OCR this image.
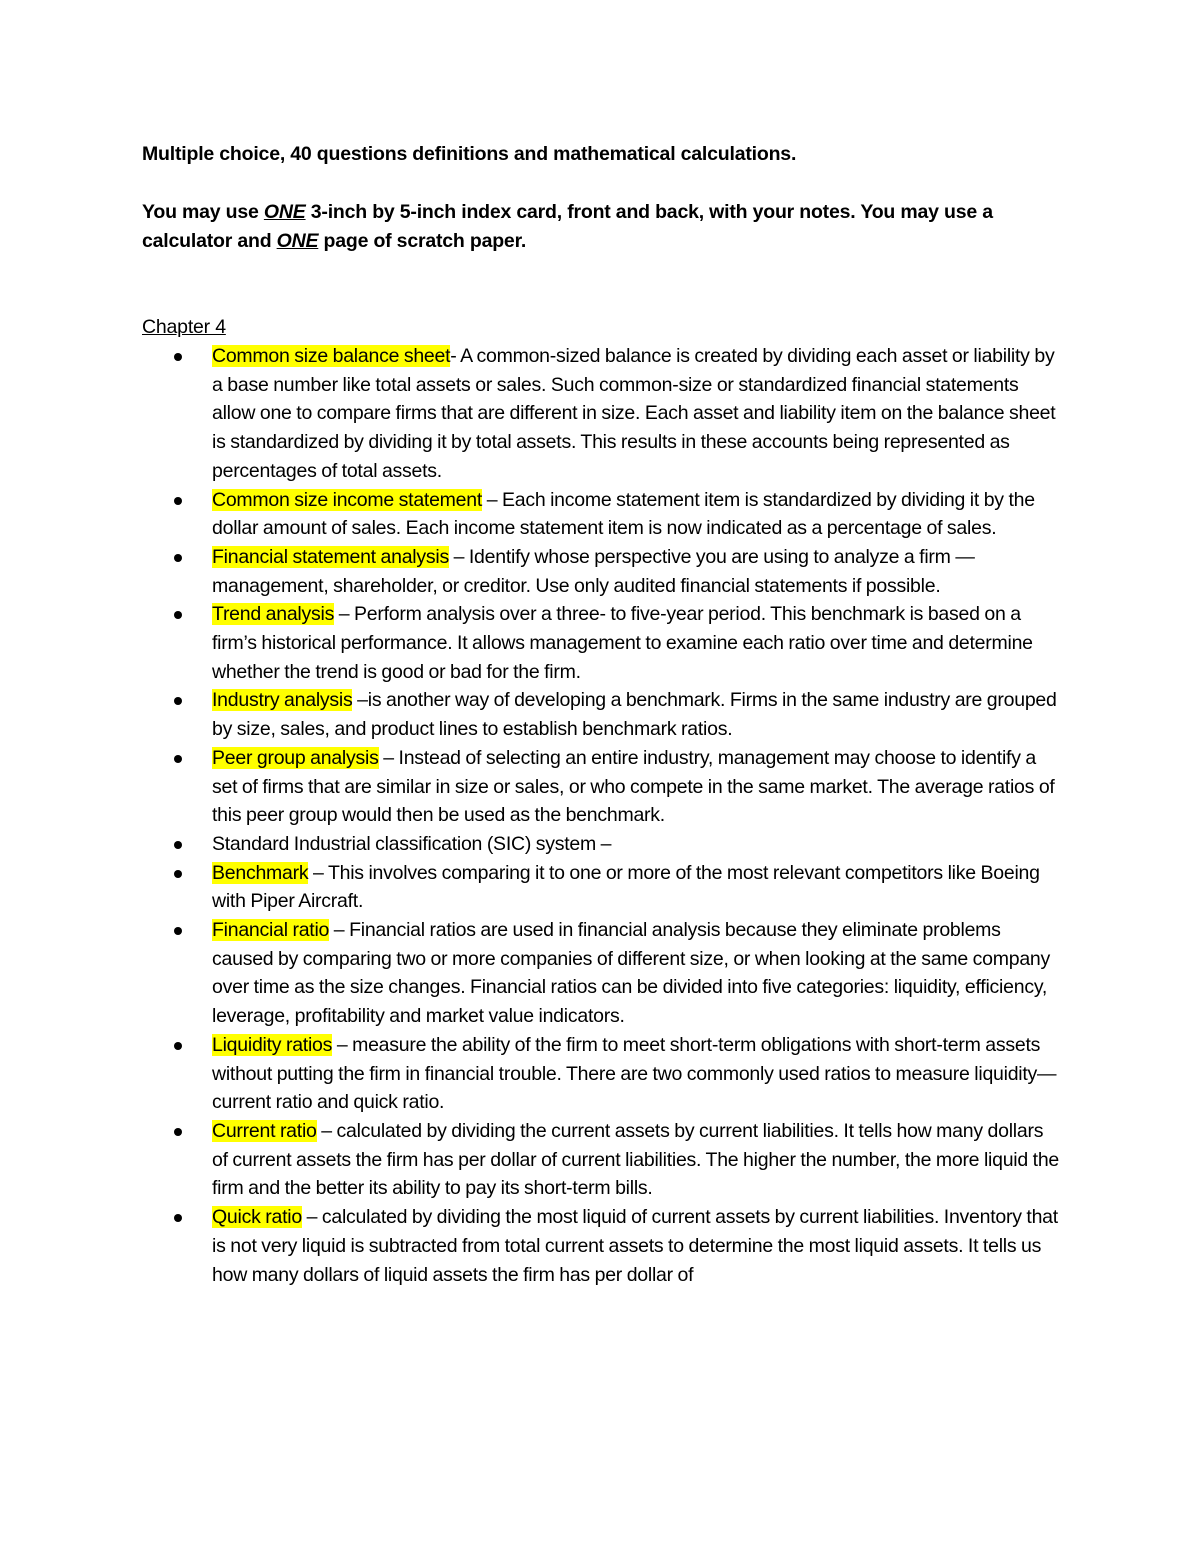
Multiple choice, 40 questions definitions and mathematical calculations.

You may use ONE 3-inch by 5-inch index card, front and back, with your notes. You may use a calculator and ONE page of scratch paper.

Chapter 4
Common size balance sheet- A common-sized balance is created by dividing each asset or liability by a base number like total assets or sales. Such common-size or standardized financial statements allow one to compare firms that are different in size. Each asset and liability item on the balance sheet is standardized by dividing it by total assets. This results in these accounts being represented as percentages of total assets.
Common size income statement – Each income statement item is standardized by dividing it by the dollar amount of sales. Each income statement item is now indicated as a percentage of sales.
Financial statement analysis – Identify whose perspective you are using to analyze a firm —management, shareholder, or creditor. Use only audited financial statements if possible.
Trend analysis – Perform analysis over a three- to five-year period. This benchmark is based on a firm’s historical performance. It allows management to examine each ratio over time and determine whether the trend is good or bad for the firm.
Industry analysis –is another way of developing a benchmark. Firms in the same industry are grouped by size, sales, and product lines to establish benchmark ratios.
Peer group analysis – Instead of selecting an entire industry, management may choose to identify a set of firms that are similar in size or sales, or who compete in the same market. The average ratios of this peer group would then be used as the benchmark.
Standard Industrial classification (SIC) system –
Benchmark – This involves comparing it to one or more of the most relevant competitors like Boeing with Piper Aircraft.
Financial ratio – Financial ratios are used in financial analysis because they eliminate problems caused by comparing two or more companies of different size, or when looking at the same company over time as the size changes. Financial ratios can be divided into five categories: liquidity, efficiency, leverage, profitability and market value indicators.
Liquidity ratios – measure the ability of the firm to meet short-term obligations with short-term assets without putting the firm in financial trouble. There are two commonly used ratios to measure liquidity—current ratio and quick ratio.
Current ratio – calculated by dividing the current assets by current liabilities. It tells how many dollars of current assets the firm has per dollar of current liabilities. The higher the number, the more liquid the firm and the better its ability to pay its short-term bills.
Quick ratio – calculated by dividing the most liquid of current assets by current liabilities. Inventory that is not very liquid is subtracted from total current assets to determine the most liquid assets. It tells us how many dollars of liquid assets the firm has per dollar of
